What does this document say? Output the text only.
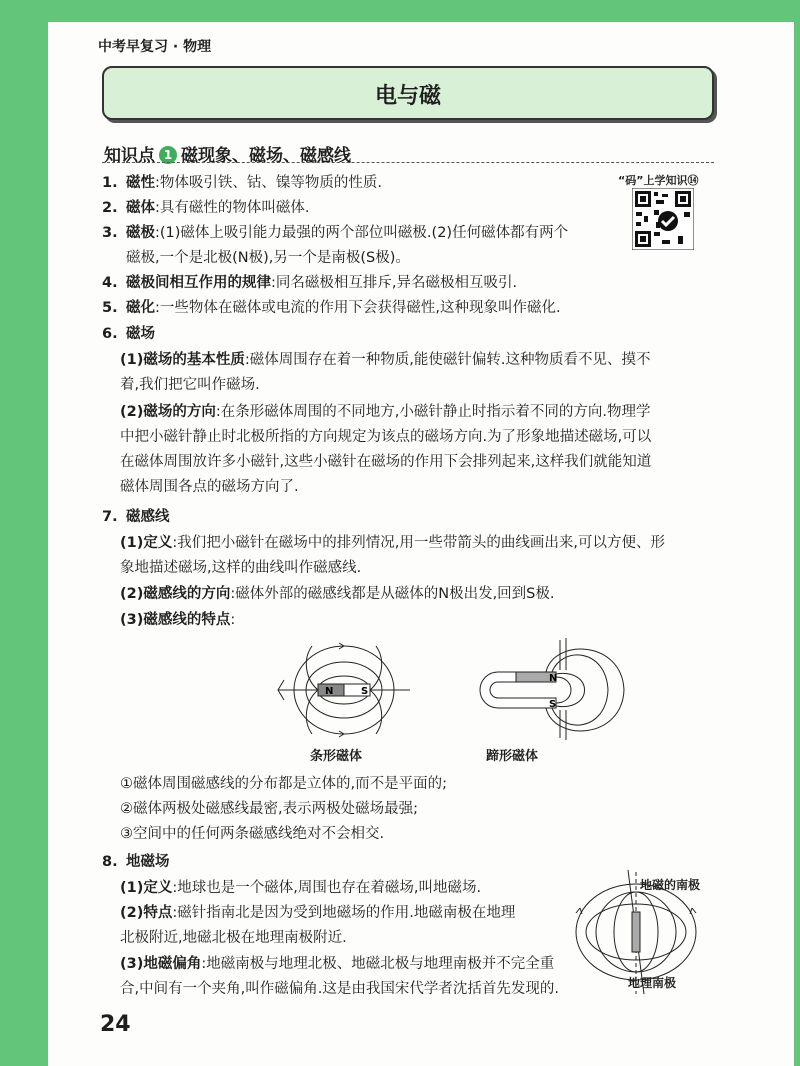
中考早复习 · 物理
电与磁
知识点 1 磁现象、磁场、磁感线
“码”上学知识⑭
1. 磁性:物体吸引铁、钴、镍等物质的性质.
2. 磁体:具有磁性的物体叫磁体.
3. 磁极:(1)磁体上吸引能力最强的两个部位叫磁极.(2)任何磁体都有两个
磁极,一个是北极(N极),另一个是南极(S极)。
4. 磁极间相互作用的规律:同名磁极相互排斥,异名磁极相互吸引.
5. 磁化:一些物体在磁体或电流的作用下会获得磁性,这种现象叫作磁化.
6. 磁场
(1)磁场的基本性质:磁体周围存在着一种物质,能使磁针偏转.这种物质看不见、摸不
着,我们把它叫作磁场.
(2)磁场的方向:在条形磁体周围的不同地方,小磁针静止时指示着不同的方向.物理学
中把小磁针静止时北极所指的方向规定为该点的磁场方向.为了形象地描述磁场,可以
在磁体周围放许多小磁针,这些小磁针在磁场的作用下会排列起来,这样我们就能知道
磁体周围各点的磁场方向了.
7. 磁感线
(1)定义:我们把小磁针在磁场中的排列情况,用一些带箭头的曲线画出来,可以方便、形
象地描述磁场,这样的曲线叫作磁感线.
(2)磁感线的方向:磁体外部的磁感线都是从磁体的N极出发,回到S极.
(3)磁感线的特点:
N	S
N
S
条形磁体	蹄形磁体
①磁体周围磁感线的分布都是立体的,而不是平面的;
②磁体两极处磁感线最密,表示两极处磁场最强;
③空间中的任何两条磁感线绝对不会相交.
8. 地磁场
(1)定义:地球也是一个磁体,周围也存在着磁场,叫地磁场.
(2)特点:磁针指南北是因为受到地磁场的作用.地磁南极在地理
北极附近,地磁北极在地理南极附近.
(3)地磁偏角:地磁南极与地理北极、地磁北极与地理南极并不完全重
合,中间有一个夹角,叫作磁偏角.这是由我国宋代学者沈括首先发现的.
地磁的南极
地理南极
24
